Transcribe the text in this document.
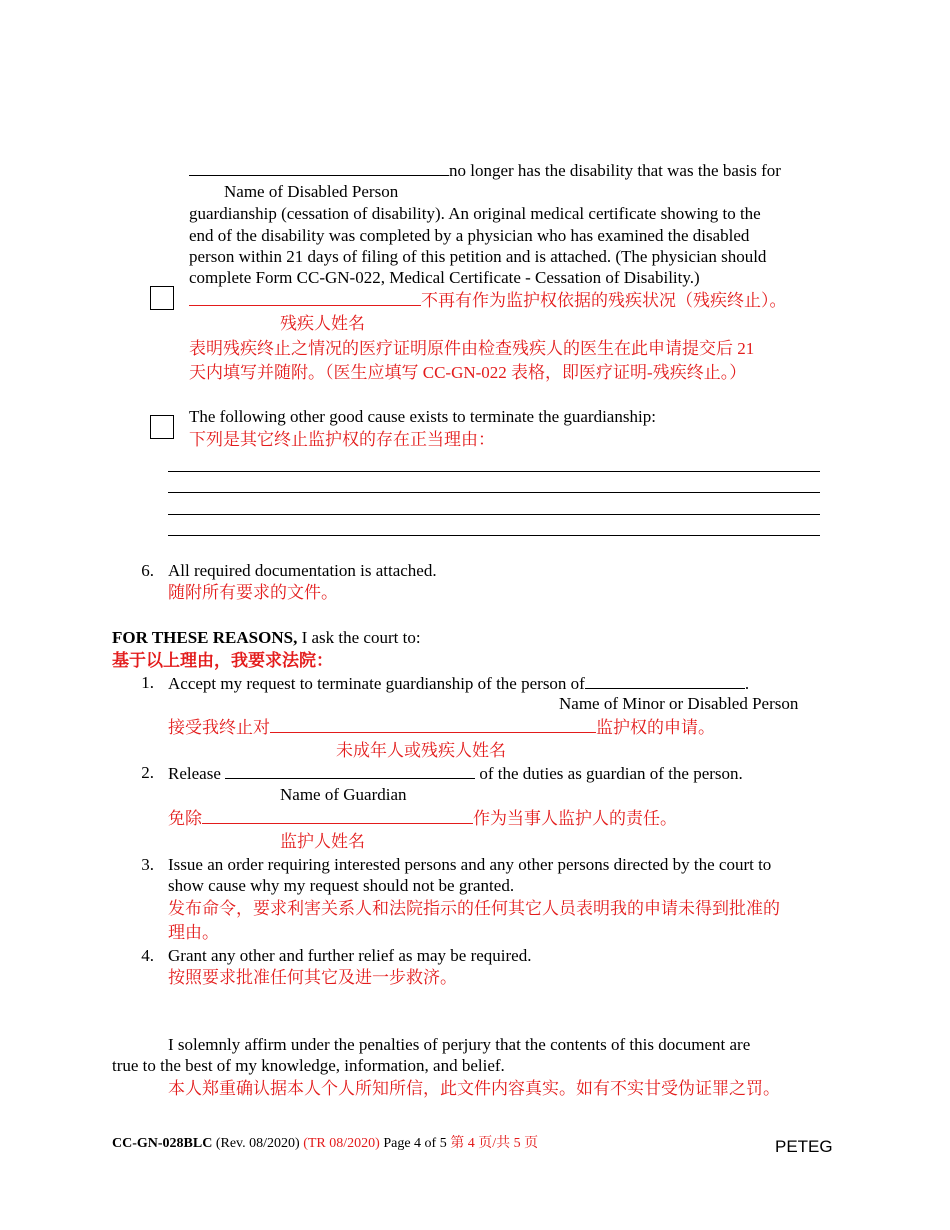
no longer has the disability that was the basis for
Name of Disabled Person
guardianship (cessation of disability). An original medical certificate showing to the
end of the disability was completed by a physician who has examined the disabled
person within 21 days of filing of this petition and is attached. (The physician should
complete Form CC-GN-022, Medical Certificate - Cessation of Disability.)
不再有作为监护权依据的残疾状况（残疾终止）。
残疾人姓名
表明残疾终止之情况的医疗证明原件由检查残疾人的医生在此申请提交后 21
天内填写并随附。（医生应填写 CC-GN-022 表格，即医疗证明-残疾终止。）
The following other good cause exists to terminate the guardianship:
下列是其它终止监护权的存在正当理由：
6. All required documentation is attached.
随附所有要求的文件。
FOR THESE REASONS, I ask the court to:
基于以上理由，我要求法院：
1. Accept my request to terminate guardianship of the person of	.
Name of Minor or Disabled Person
接受我终止对	监护权的申请。
未成年人或残疾人姓名
2. Release	of the duties as guardian of the person.
Name of Guardian
免除	作为当事人监护人的责任。
监护人姓名
3. Issue an order requiring interested persons and any other persons directed by the court to
show cause why my request should not be granted.
发布命令，要求利害关系人和法院指示的任何其它人员表明我的申请未得到批准的
理由。
4. Grant any other and further relief as may be required.
按照要求批准任何其它及进一步救济。
I solemnly affirm under the penalties of perjury that the contents of this document are
true to the best of my knowledge, information, and belief.
本人郑重确认据本人个人所知所信，此文件内容真实。如有不实甘受伪证罪之罚。
CC-GN-028BLC (Rev. 08/2020) (TR 08/2020) Page 4 of 5 第 4 页/共 5 页	PETEG
